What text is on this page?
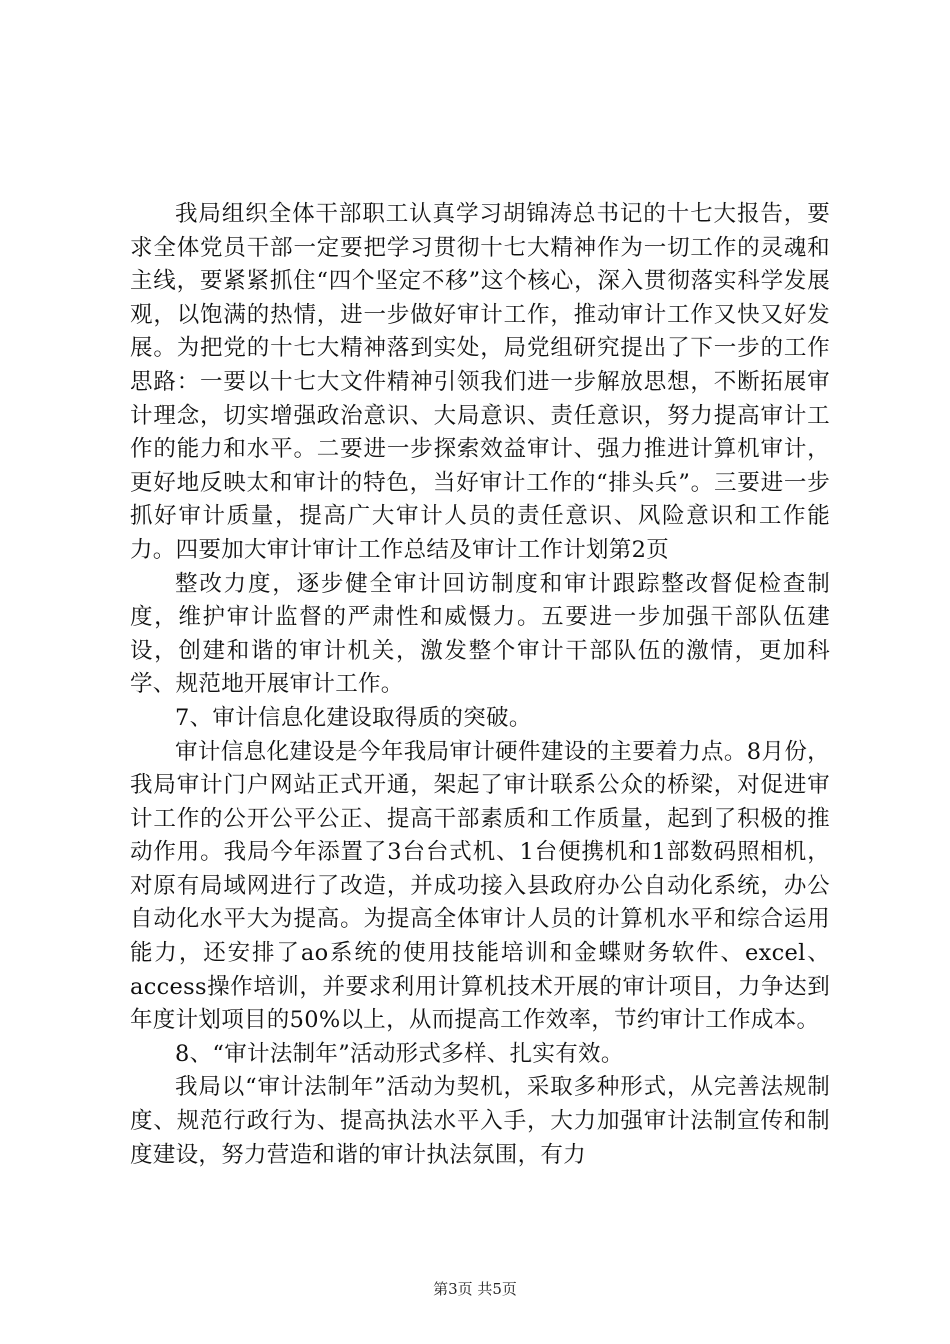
我局组织全体干部职工认真学习胡锦涛总书记的十七大报告，要求全体党员干部一定要把学习贯彻十七大精神作为一切工作的灵魂和主线，要紧紧抓住“四个坚定不移”这个核心，深入贯彻落实科学发展观，以饱满的热情，进一步做好审计工作，推动审计工作又快又好发展。为把党的十七大精神落到实处，局党组研究提出了下一步的工作思路：一要以十七大文件精神引领我们进一步解放思想，不断拓展审计理念，切实增强政治意识、大局意识、责任意识，努力提高审计工作的能力和水平。二要进一步探索效益审计、强力推进计算机审计，更好地反映太和审计的特色，当好审计工作的“排头兵”。三要进一步抓好审计质量，提高广大审计人员的责任意识、风险意识和工作能力。四要加大审计审计工作总结及审计工作计划第2页

整改力度，逐步健全审计回访制度和审计跟踪整改督促检查制度，维护审计监督的严肃性和威慑力。五要进一步加强干部队伍建设，创建和谐的审计机关，激发整个审计干部队伍的激情，更加科学、规范地开展审计工作。

7、审计信息化建设取得质的突破。

审计信息化建设是今年我局审计硬件建设的主要着力点。8月份，我局审计门户网站正式开通，架起了审计联系公众的桥梁，对促进审计工作的公开公平公正、提高干部素质和工作质量，起到了积极的推动作用。我局今年添置了3台台式机、1台便携机和1部数码照相机，对原有局域网进行了改造，并成功接入县政府办公自动化系统，办公自动化水平大为提高。为提高全体审计人员的计算机水平和综合运用能力，还安排了ao系统的使用技能培训和金蝶财务软件、excel、access操作培训，并要求利用计算机技术开展的审计项目，力争达到年度计划项目的50%以上，从而提高工作效率，节约审计工作成本。

8、“审计法制年”活动形式多样、扎实有效。

我局以“审计法制年”活动为契机，采取多种形式，从完善法规制度、规范行政行为、提高执法水平入手，大力加强审计法制宣传和制度建设，努力营造和谐的审计执法氛围，有力

第3页 共5页
